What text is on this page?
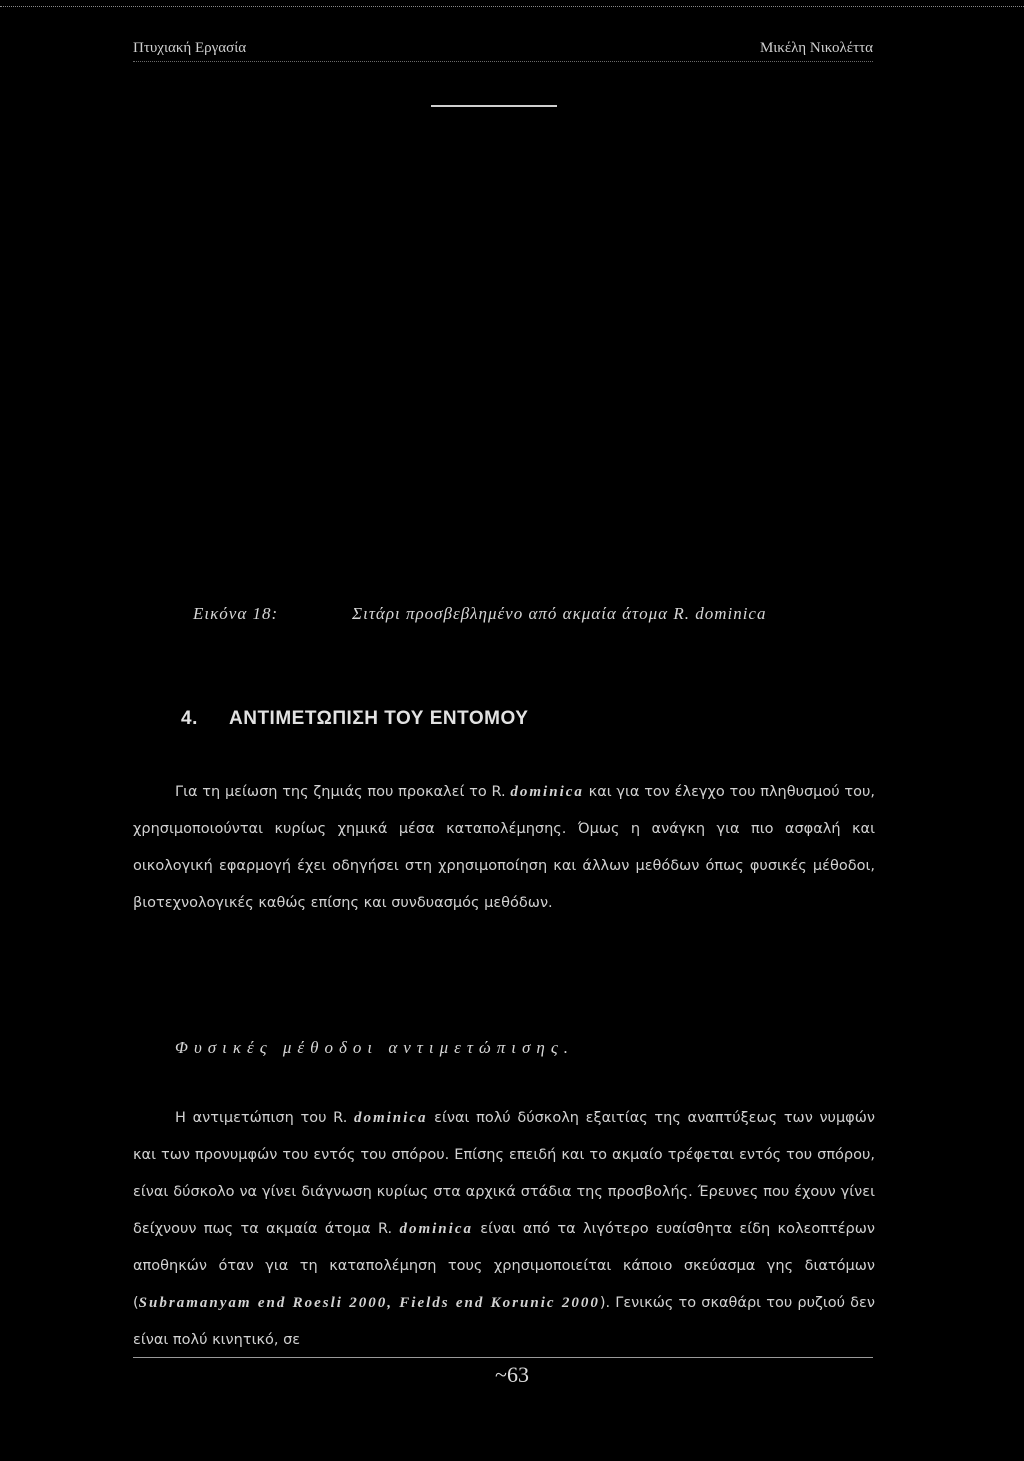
Πτυχιακή Εργασία	Μικέλη Νικολέττα
Εικόνα 18:	Σιτάρι προσβεβλημένο από ακμαία άτομα R. dominica
4. ΑΝΤΙΜΕΤΩΠΙΣΗ ΤΟΥ ΕΝΤΟΜΟΥ
Για τη μείωση της ζημιάς που προκαλεί το R. dominica και για τον έλεγχο του πληθυσμού του, χρησιμοποιούνται κυρίως χημικά μέσα καταπολέμησης. Όμως η ανάγκη για πιο ασφαλή και οικολογική εφαρμογή έχει οδηγήσει στη χρησιμοποίηση και άλλων μεθόδων όπως φυσικές μέθοδοι, βιοτεχνολογικές καθώς επίσης και συνδυασμός μεθόδων.
Φυσικές μέθοδοι αντιμετώπισης.
Η αντιμετώπιση του R. dominica είναι πολύ δύσκολη εξαιτίας της αναπτύξεως των νυμφών και των προνυμφών του εντός του σπόρου. Επίσης επειδή και το ακμαίο τρέφεται εντός του σπόρου, είναι δύσκολο να γίνει διάγνωση κυρίως στα αρχικά στάδια της προσβολής. Έρευνες που έχουν γίνει δείχνουν πως τα ακμαία άτομα R. dominica είναι από τα λιγότερο ευαίσθητα είδη κολεοπτέρων αποθηκών όταν για τη καταπολέμηση τους χρησιμοποιείται κάποιο σκεύασμα γης διατόμων (Subramanyam end Roesli 2000, Fields end Korunic 2000). Γενικώς το σκαθάρι του ρυζιού δεν είναι πολύ κινητικό, σε
~63
